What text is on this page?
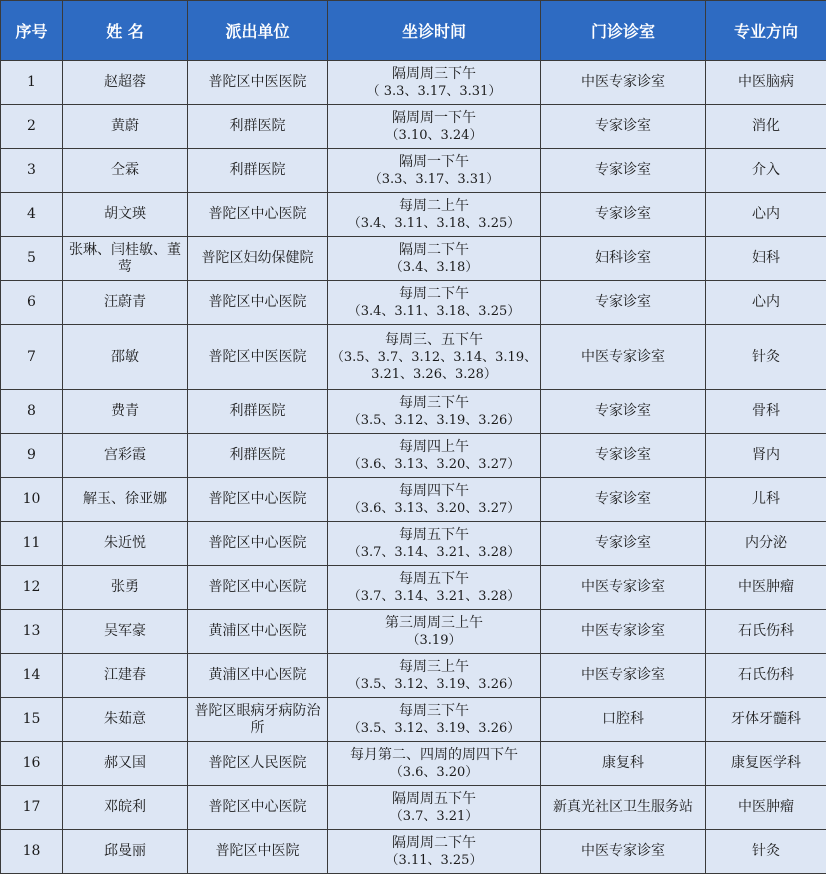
序号	姓 名	派出单位	坐诊时间	门诊诊室	专业方向
1	赵超蓉	普陀区中医医院	隔周周三下午
（ 3.3、3.17、3.31）	中医专家诊室	中医脑病
2	黄蔚	利群医院	隔周周一下午
（3.10、3.24）	专家诊室	消化
3	仝霖	利群医院	隔周一下午
（3.3、3.17、3.31）	专家诊室	介入
4	胡文瑛	普陀区中心医院	每周二上午
（3.4、3.11、3.18、3.25）	专家诊室	心内
5	张琳、闫桂敏、董莺	普陀区妇幼保健院	隔周二下午
（3.4、3.18）	妇科诊室	妇科
6	汪蔚青	普陀区中心医院	每周二下午
（3.4、3.11、3.18、3.25）	专家诊室	心内
7	邵敏	普陀区中医医院	每周三、五下午
（3.5、3.7、3.12、3.14、3.19、3.21、3.26、3.28）	中医专家诊室	针灸
8	费青	利群医院	每周三下午
（3.5、3.12、3.19、3.26）	专家诊室	骨科
9	宫彩霞	利群医院	每周四上午
（3.6、3.13、3.20、3.27）	专家诊室	肾内
10	解玉、徐亚娜	普陀区中心医院	每周四下午
（3.6、3.13、3.20、3.27）	专家诊室	儿科
11	朱近悦	普陀区中心医院	每周五下午
（3.7、3.14、3.21、3.28）	专家诊室	内分泌
12	张勇	普陀区中心医院	每周五下午
（3.7、3.14、3.21、3.28）	中医专家诊室	中医肿瘤
13	吴军豪	黄浦区中心医院	第三周周三上午
（3.19）	中医专家诊室	石氏伤科
14	江建春	黄浦区中心医院	每周三上午
（3.5、3.12、3.19、3.26）	中医专家诊室	石氏伤科
15	朱茹意	普陀区眼病牙病防治所	每周三下午
（3.5、3.12、3.19、3.26）	口腔科	牙体牙髓科
16	郝又国	普陀区人民医院	每月第二、四周的周四下午
（3.6、3.20）	康复科	康复医学科
17	邓皖利	普陀区中心医院	隔周周五下午
（3.7、3.21）	新真光社区卫生服务站	中医肿瘤
18	邱曼丽	普陀区中医院	隔周周二下午
（3.11、3.25）	中医专家诊室	针灸
